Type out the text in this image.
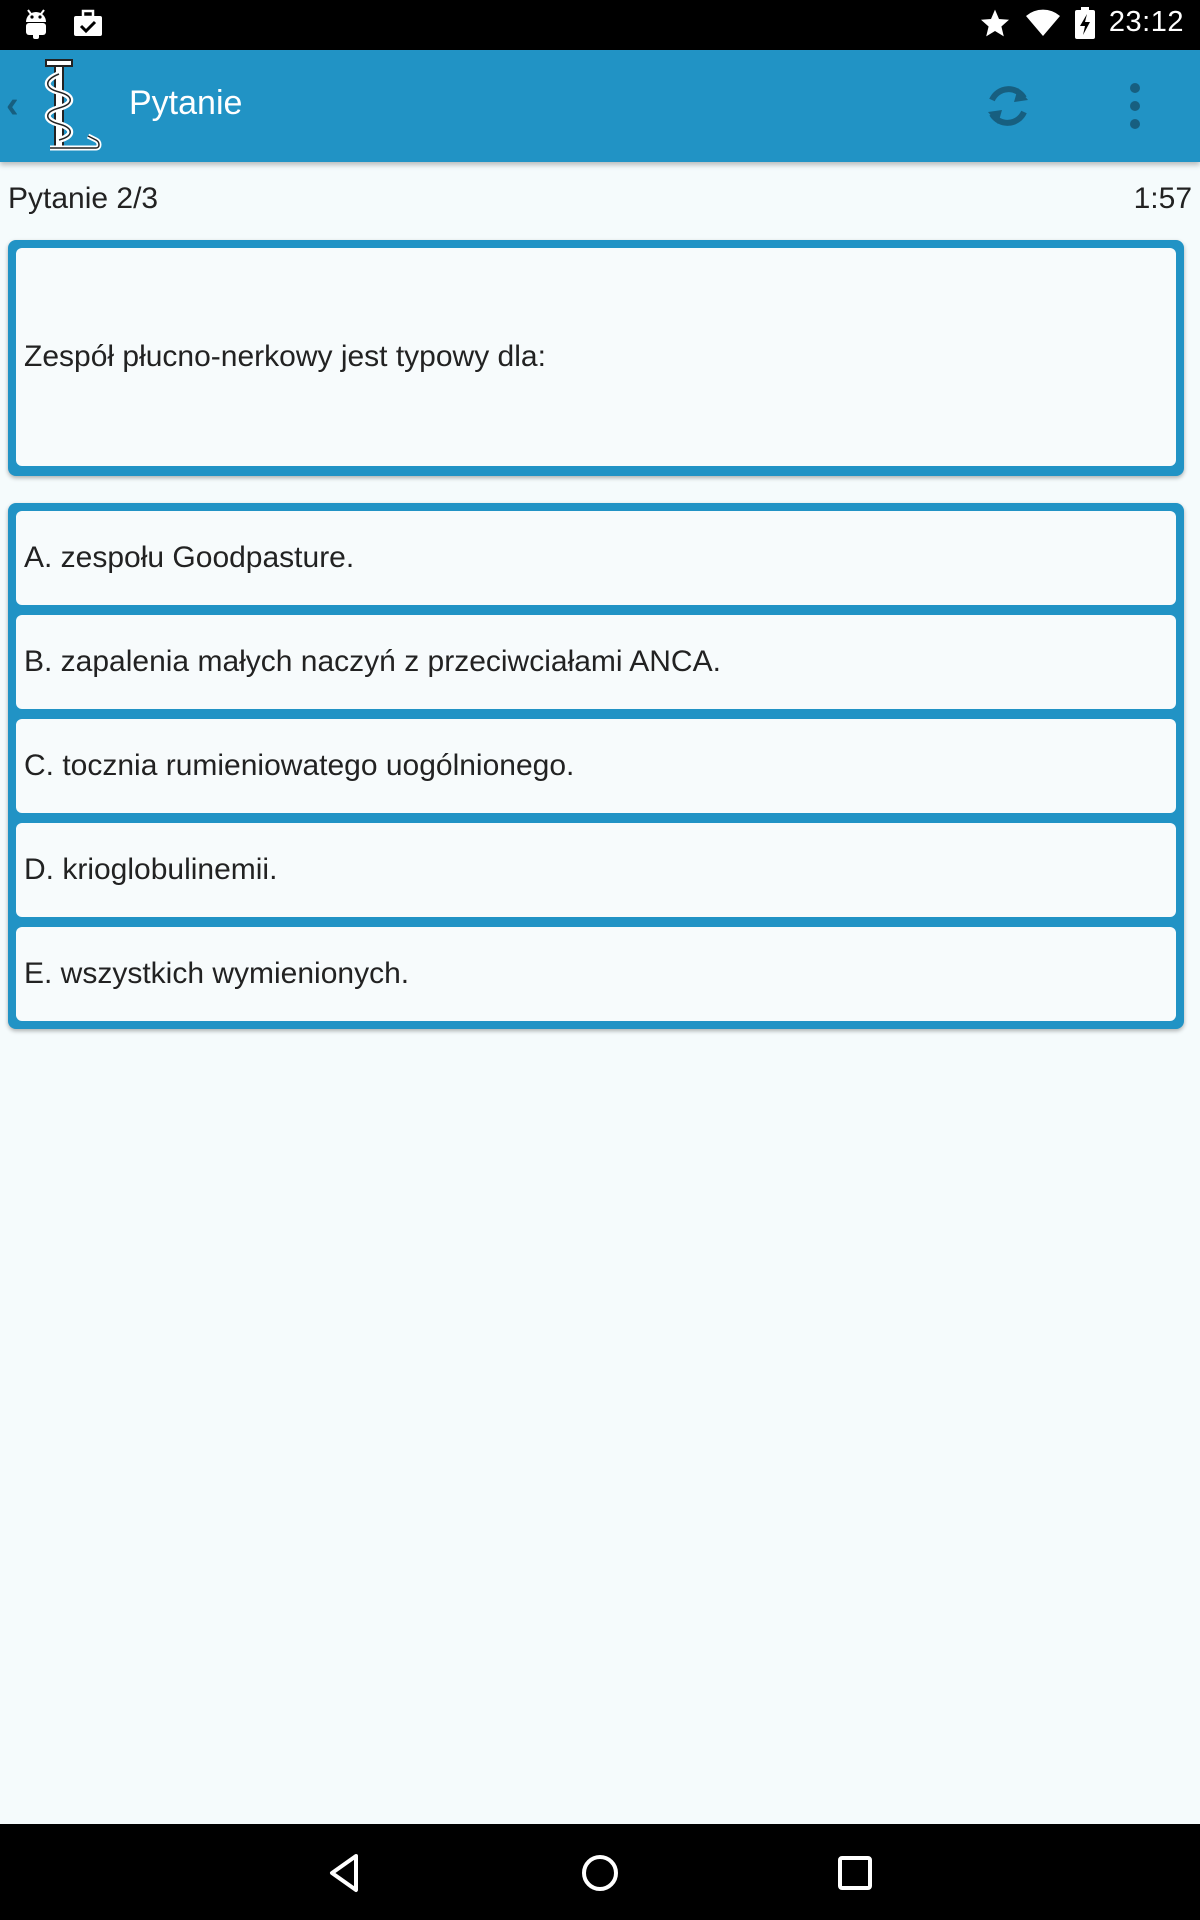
23:12
‹	Pytanie
Pytanie 2/3	1:57
Zespół płucno-nerkowy jest typowy dla:
A. zespołu Goodpasture.
B. zapalenia małych naczyń z przeciwciałami ANCA.
C. tocznia rumieniowatego uogólnionego.
D. krioglobulinemii.
E. wszystkich wymienionych.
